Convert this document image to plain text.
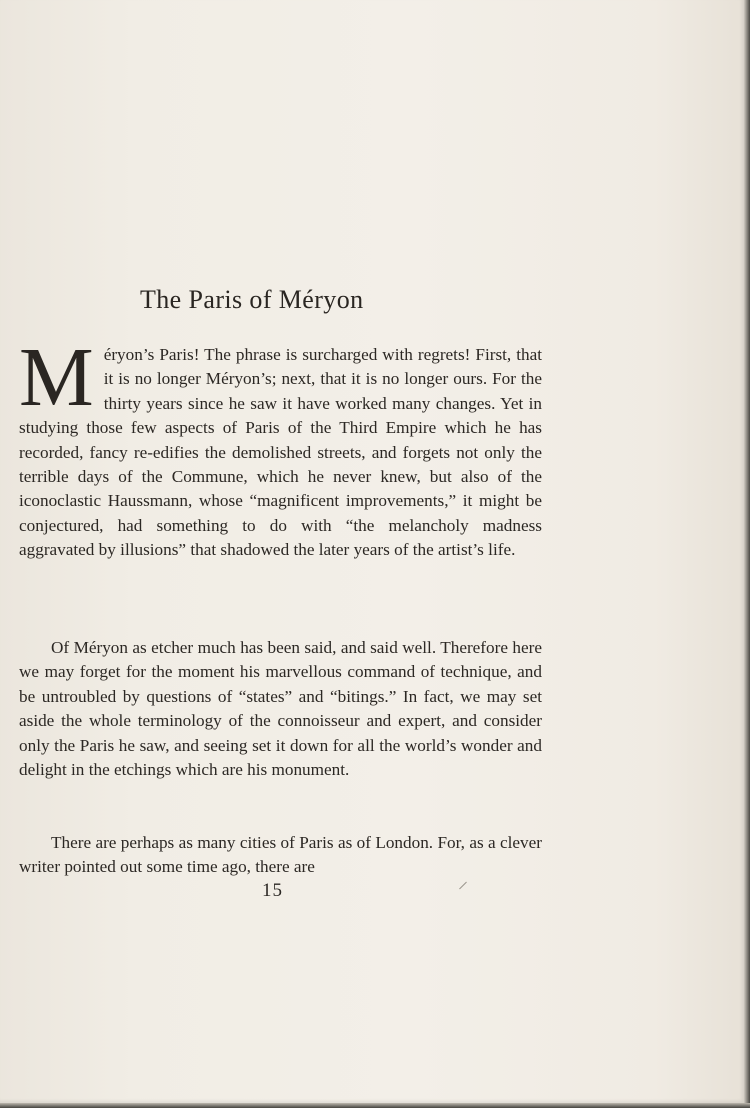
The Paris of Méryon

Méryon’s Paris! The phrase is surcharged with regrets! First, that it is no longer Méryon’s; next, that it is no longer ours. For the thirty years since he saw it have worked many changes. Yet in studying those few aspects of Paris of the Third Empire which he has recorded, fancy re-edifies the demolished streets, and forgets not only the terrible days of the Commune, which he never knew, but also of the iconoclastic Haussmann, whose “magnificent improvements,” it might be conjectured, had something to do with “the melancholy madness aggravated by illusions” that shadowed the later years of the artist’s life.

Of Méryon as etcher much has been said, and said well. Therefore here we may forget for the moment his marvellous command of technique, and be untroubled by questions of “states” and “bitings.” In fact, we may set aside the whole terminology of the connoisseur and expert, and consider only the Paris he saw, and seeing set it down for all the world’s wonder and delight in the etchings which are his monument.

There are perhaps as many cities of Paris as of London. For, as a clever writer pointed out some time ago, there are

15
